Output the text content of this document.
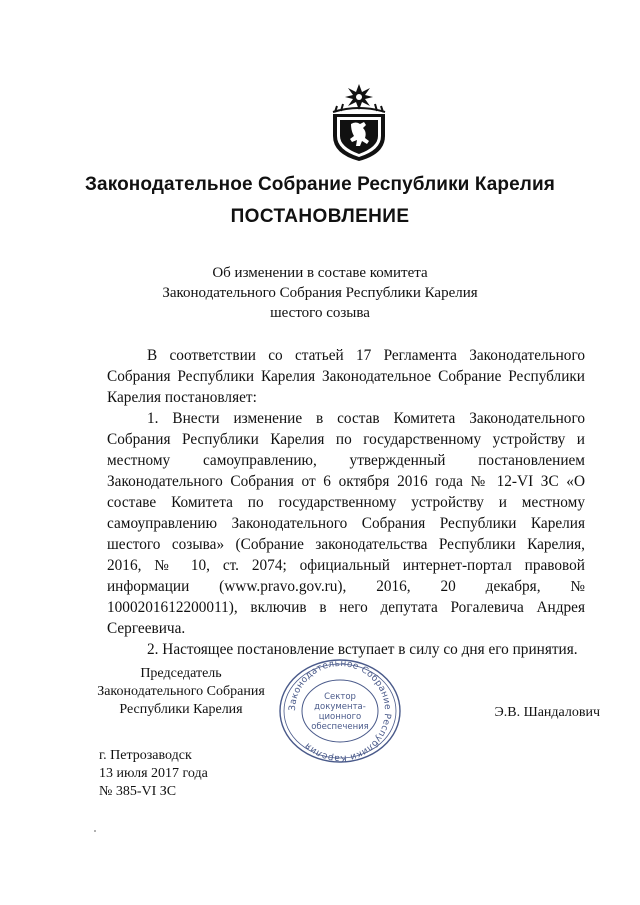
Законодательное Собрание Республики Карелия
ПОСТАНОВЛЕНИЕ
Об изменении в составе комитета
Законодательного Собрания Республики Карелия
шестого созыва

В соответствии со статьей 17 Регламента Законодательного Собрания Республики Карелия Законодательное Собрание Республики Карелия постановляет:

1. Внести изменение в состав Комитета Законодательного Собрания Республики Карелия по государственному устройству и местному самоуправлению, утвержденный постановлением Законодательного Собрания от 6 октября 2016 года № 12-VI ЗС «О составе Комитета по государственному устройству и местному самоуправлению Законодательного Собрания Республики Карелия шестого созыва» (Собрание законодательства Республики Карелия, 2016, № 10, ст. 2074; официальный интернет-портал правовой информации (www.pravo.gov.ru), 2016, 20 декабря, № 1000201612200011), включив в него депутата Рогалевича Андрея Сергеевича.

2. Настоящее постановление вступает в силу со дня его принятия.

Председатель
Законодательного Собрания
Республики Карелия	Законодательное Собрание Республики Карелия
Сектор
документа-
ционного
обеспечения
Э.В. Шандалович
г. Петрозаводск
13 июля 2017 года
№ 385-VI ЗС
